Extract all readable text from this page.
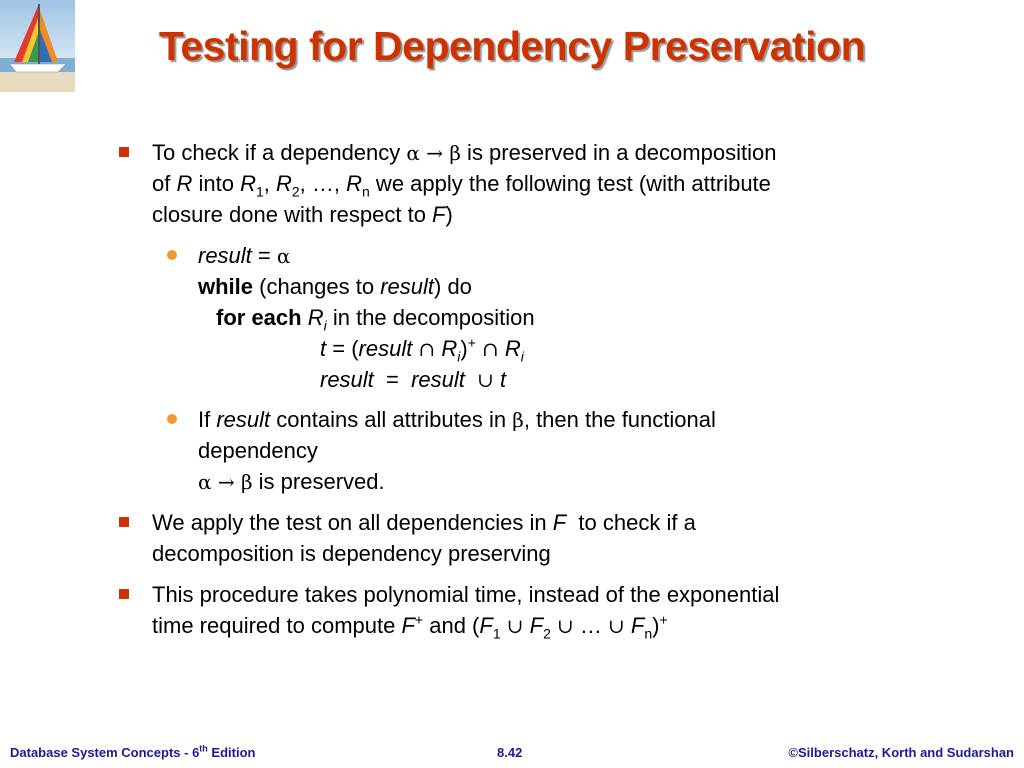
Testing for Dependency Preservation
To check if a dependency α → β is preserved in a decomposition
of R into $R_1$, $R_2$, …, $R_n$ we apply the following test (with attribute
closure done with respect to F)
result = α
while (changes to result) do
for each $R_i$ in the decomposition
t = (result ∩ $R_i)^+$ ∩ $R_i$
result  =  result ∪ t
If result contains all attributes in β, then the functional
dependency
α → β is preserved.
We apply the test on all dependencies in F  to check if a
decomposition is dependency preserving
This procedure takes polynomial time, instead of the exponential
time required to compute F+ and ($F_1$ ∪ $F_2$ ∪ … ∪ $F_n)^+$
Database System Concepts - 6th Edition	8.42	©Silberschatz, Korth and Sudarshan
